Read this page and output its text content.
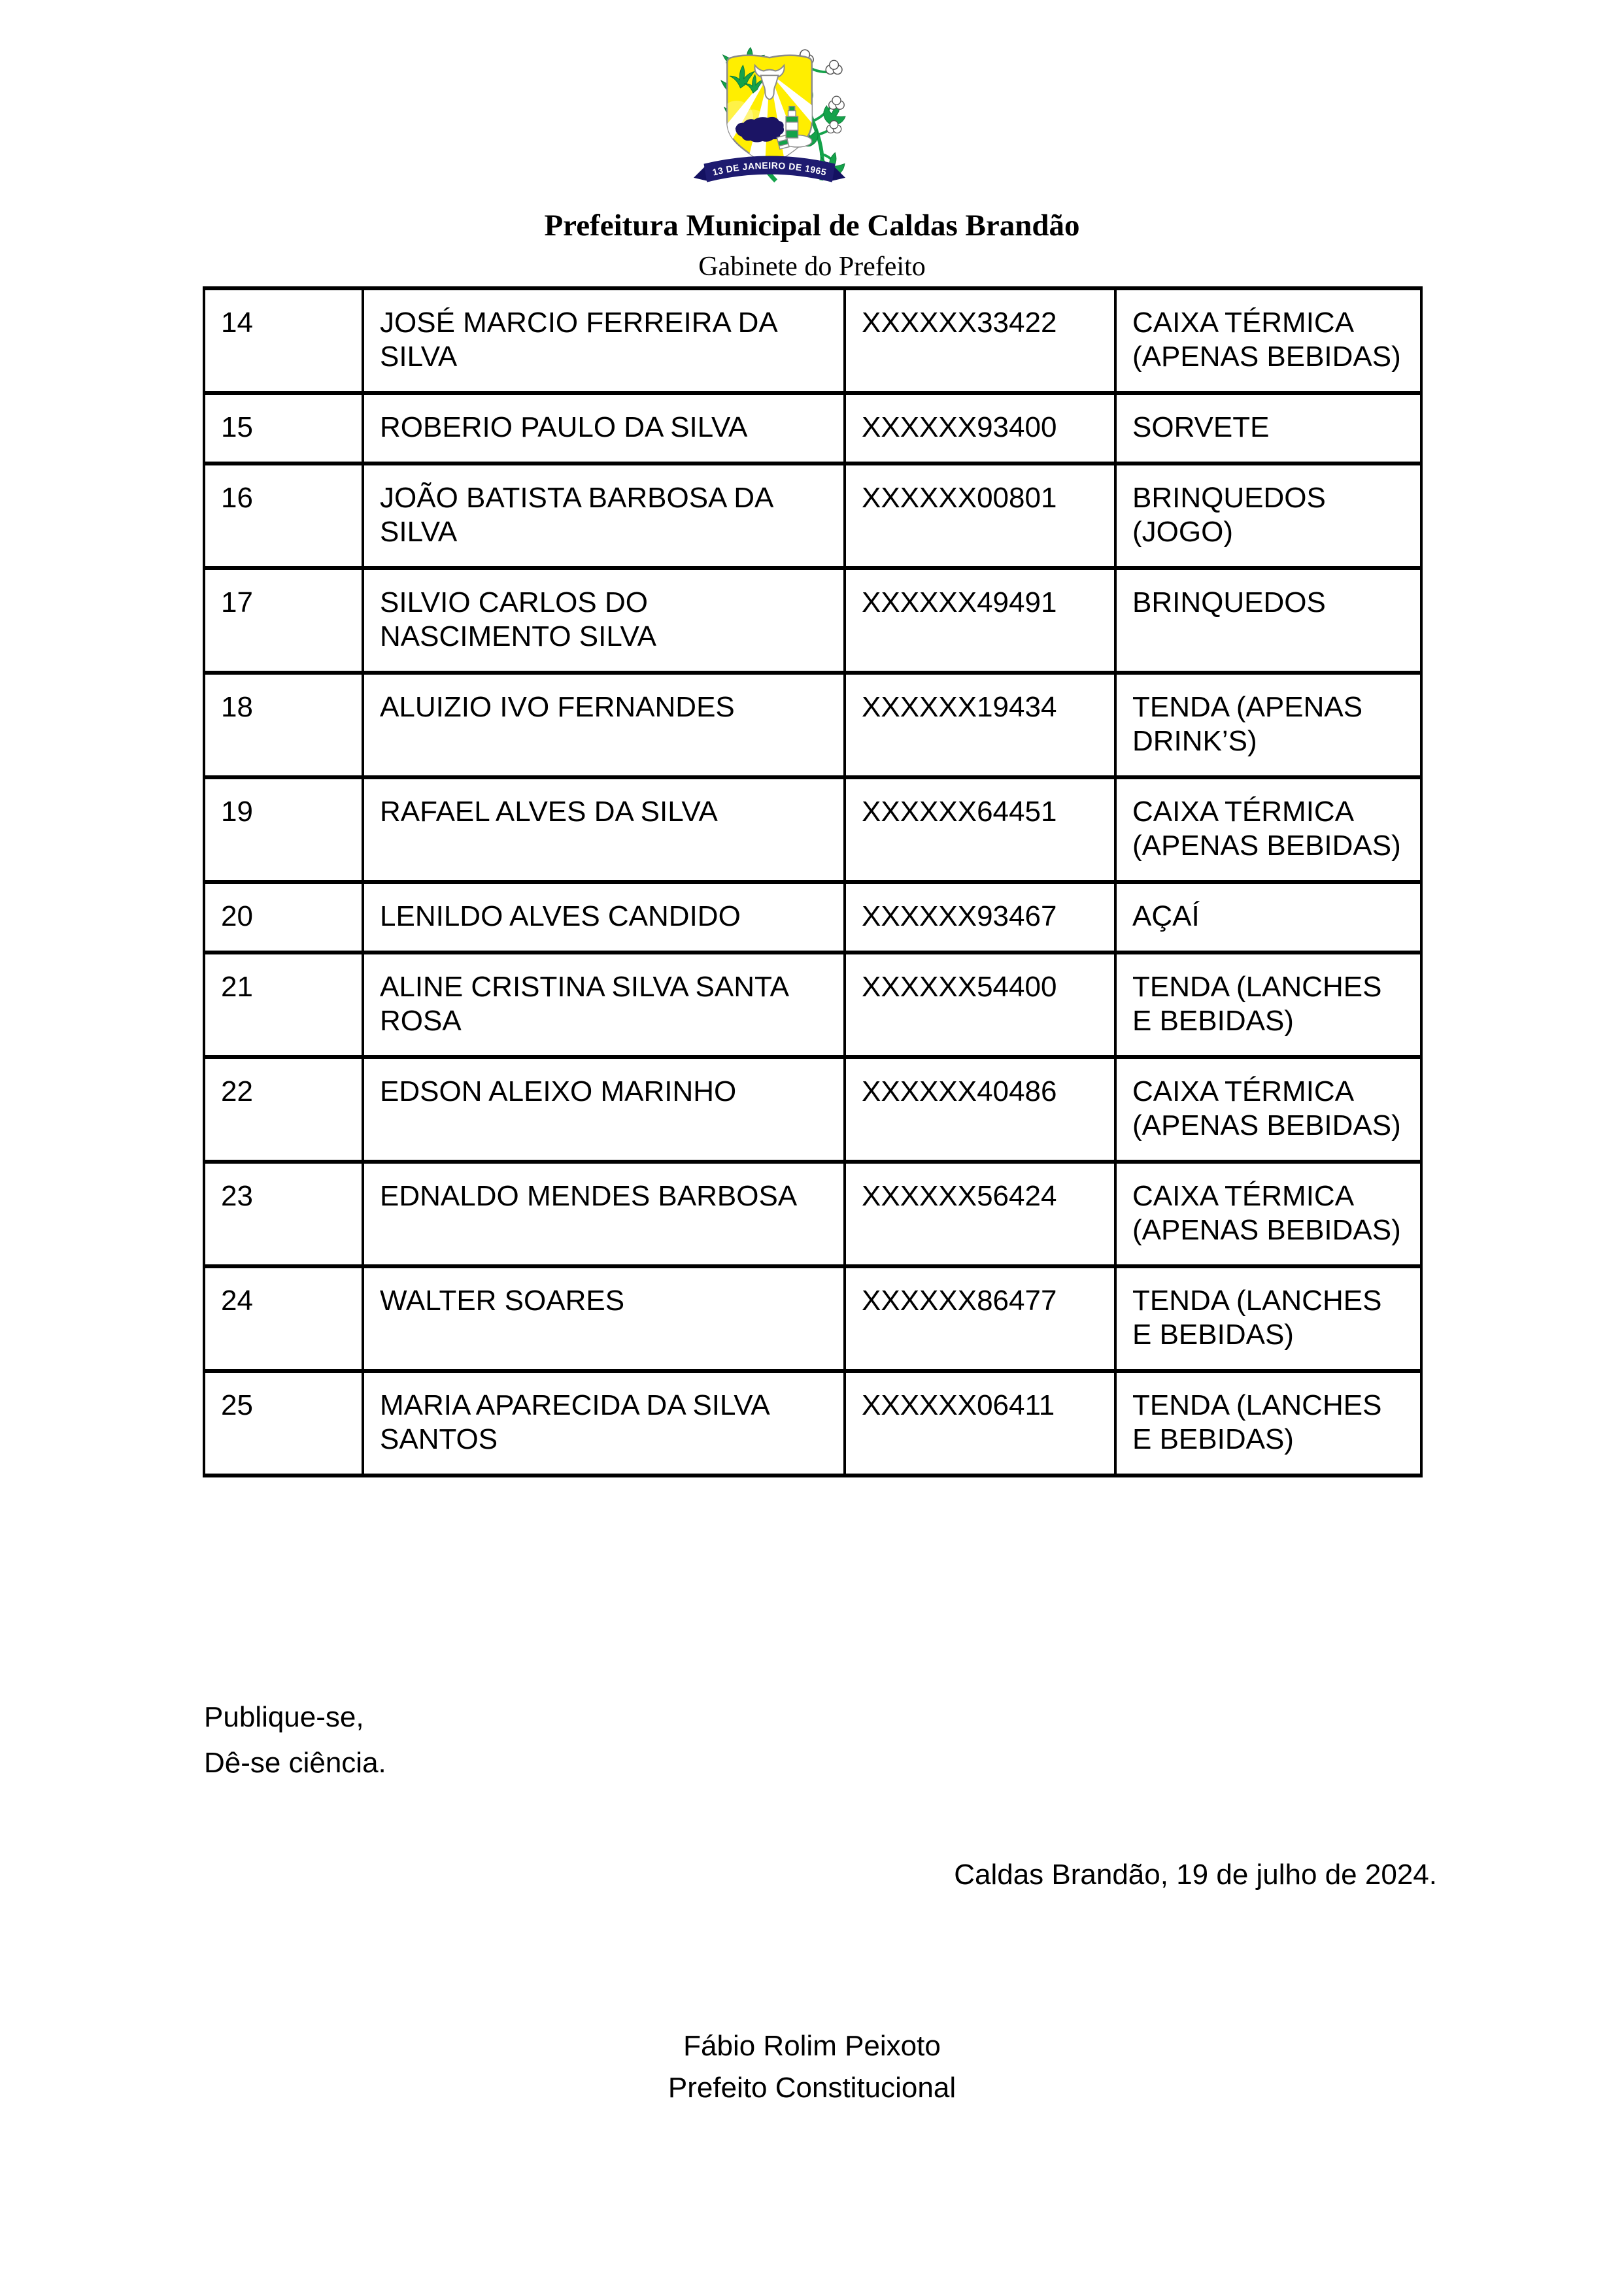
13 DE JANEIRO DE 1965
Prefeitura Municipal de Caldas Brandão
Gabinete do Prefeito
14	JOSÉ MARCIO FERREIRA DA SILVA	XXXXXX33422	CAIXA TÉRMICA (APENAS BEBIDAS)
15	ROBERIO PAULO DA SILVA	XXXXXX93400	SORVETE
16	JOÃO BATISTA BARBOSA DA SILVA	XXXXXX00801	BRINQUEDOS (JOGO)
17	SILVIO CARLOS DO NASCIMENTO SILVA	XXXXXX49491	BRINQUEDOS
18	ALUIZIO IVO FERNANDES	XXXXXX19434	TENDA (APENAS DRINK’S)
19	RAFAEL ALVES DA SILVA	XXXXXX64451	CAIXA TÉRMICA (APENAS BEBIDAS)
20	LENILDO ALVES CANDIDO	XXXXXX93467	AÇAÍ
21	ALINE CRISTINA SILVA SANTA ROSA	XXXXXX54400	TENDA (LANCHES E BEBIDAS)
22	EDSON ALEIXO MARINHO	XXXXXX40486	CAIXA TÉRMICA (APENAS BEBIDAS)
23	EDNALDO MENDES BARBOSA	XXXXXX56424	CAIXA TÉRMICA (APENAS BEBIDAS)
24	WALTER SOARES	XXXXXX86477	TENDA (LANCHES E BEBIDAS)
25	MARIA APARECIDA DA SILVA SANTOS	XXXXXX06411	TENDA (LANCHES E BEBIDAS)
Publique-se,
Dê-se ciência.
Caldas Brandão, 19 de julho de 2024.
Fábio Rolim Peixoto
Prefeito Constitucional
